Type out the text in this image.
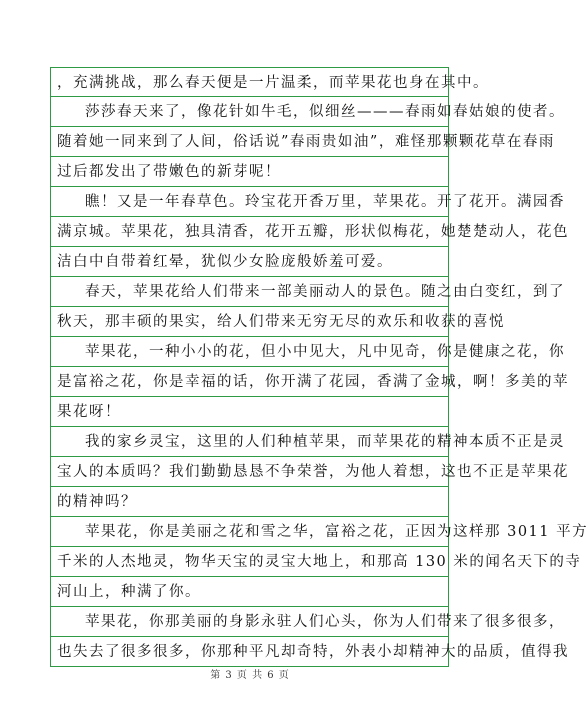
，充满挑战，那么春天便是一片温柔，而苹果花也身在其中。
莎莎春天来了，像花针如牛毛，似细丝———春雨如春姑娘的使者。
随着她一同来到了人间，俗话说”春雨贵如油”，难怪那颗颗花草在春雨
过后都发出了带嫩色的新芽呢！
瞧！又是一年春草色。玲宝花开香万里，苹果花。开了花开。满园香
满京城。苹果花，独具清香，花开五瓣，形状似梅花，她楚楚动人，花色
洁白中自带着红晕，犹似少女脸庞般娇羞可爱。
春天，苹果花给人们带来一部美丽动人的景色。随之由白变红，到了
秋天，那丰硕的果实，给人们带来无穷无尽的欢乐和收获的喜悦
苹果花，一种小小的花，但小中见大，凡中见奇，你是健康之花，你
是富裕之花，你是幸福的话，你开满了花园，香满了金城，啊！多美的苹
果花呀！
我的家乡灵宝，这里的人们种植苹果，而苹果花的精神本质不正是灵
宝人的本质吗？我们勤勤恳恳不争荣誉，为他人着想，这也不正是苹果花
的精神吗？
苹果花，你是美丽之花和雪之华，富裕之花，正因为这样那 3011 平方
千米的人杰地灵，物华天宝的灵宝大地上，和那高 130 米的闻名天下的寺
河山上，种满了你。
苹果花，你那美丽的身影永驻人们心头，你为人们带来了很多很多，
也失去了很多很多，你那种平凡却奇特，外表小却精神大的品质，值得我
第 3 页 共 6 页
